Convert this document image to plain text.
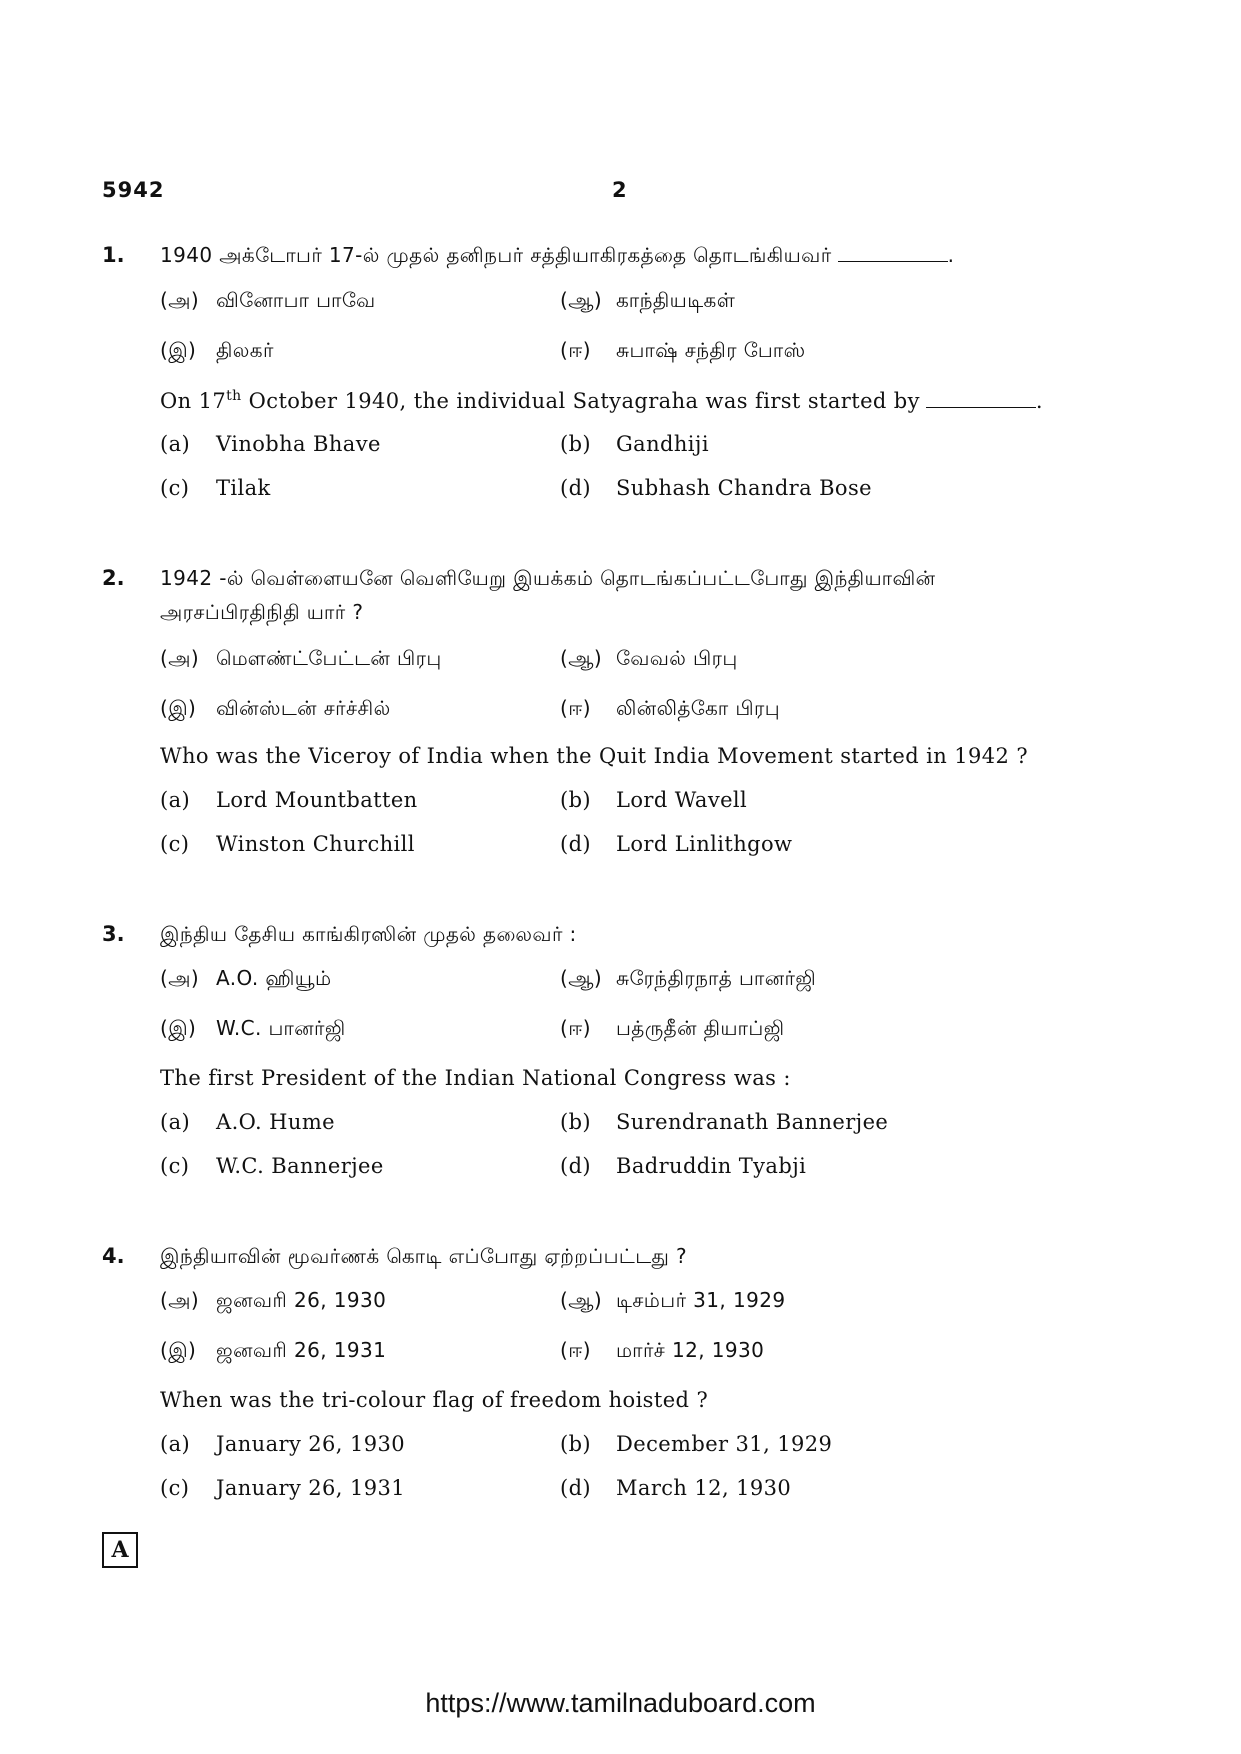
5942	2
1. 1940 அக்டோபர் 17-ல் முதல் தனிநபர் சத்தியாகிரகத்தை தொடங்கியவர்	.
(அ) வினோபா பாவே	(ஆ) காந்தியடிகள்
(இ) திலகர்	(ஈ) சுபாஷ் சந்திர போஸ்
On 17th October 1940, the individual Satyagraha was first started by	.
(a) Vinobha Bhave	(b) Gandhiji
(c) Tilak	(d) Subhash Chandra Bose
2. 1942 -ல் வெள்ளையனே வெளியேறு இயக்கம் தொடங்கப்பட்டபோது இந்தியாவின்
அரசப்பிரதிநிதி யார் ?
(அ) மௌண்ட்பேட்டன் பிரபு	(ஆ) வேவல் பிரபு
(இ) வின்ஸ்டன் சர்ச்சில்	(ஈ) லின்லித்கோ பிரபு
Who was the Viceroy of India when the Quit India Movement started in 1942 ?
(a) Lord Mountbatten	(b) Lord Wavell
(c) Winston Churchill	(d) Lord Linlithgow
3. இந்திய தேசிய காங்கிரஸின் முதல் தலைவர் :
(அ) A.O. ஹியூம்	(ஆ) சுரேந்திரநாத் பானர்ஜி
(இ) W.C. பானர்ஜி	(ஈ) பத்ருதீன் தியாப்ஜி
The first President of the Indian National Congress was :
(a) A.O. Hume	(b) Surendranath Bannerjee
(c) W.C. Bannerjee	(d) Badruddin Tyabji
4. இந்தியாவின் மூவர்ணக் கொடி எப்போது ஏற்றப்பட்டது ?
(அ) ஜனவரி 26, 1930	(ஆ) டிசம்பர் 31, 1929
(இ) ஜனவரி 26, 1931	(ஈ) மார்ச் 12, 1930
When was the tri-colour flag of freedom hoisted ?
(a) January 26, 1930	(b) December 31, 1929
(c) January 26, 1931	(d) March 12, 1930
A
https://www.tamilnaduboard.com
